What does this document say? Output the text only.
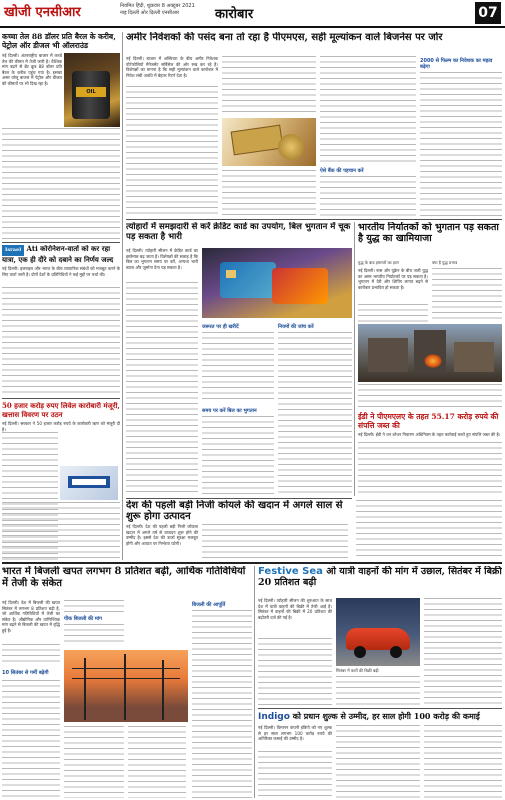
खोजी एनसीआर	नियमित हिंदी, शुक्रवार 8 अक्टूबर 2021
नाइ़ दिल्ली ओर दिल्ली एनसीआर	कारोबार	07
कच्चा तेल 88 डॉलर प्रति बैरल के करीब, पेट्रोल ऑर डीजल भी ऑलराउंड
OIL
नई दिल्ली। अंतरराष्ट्रीय बाजार में कच्चे तेल की कीमत में तेजी जारी है। वैश्विक मांग बढ़ने से ब्रेंट क्रूड 88 डॉलर प्रति बैरल के करीब पहुंच गया है। इसका असर घरेलू बाजार में पेट्रोल और डीजल की कीमतों पर भी दिख रहा है।
Israel Ati कोरोनेशन-वार्ता को कर रहा यात्रा, एक ही दौरे को दबाने का निर्णय जल्द
नई दिल्ली। इजराइल और भारत के बीच व्यापारिक संबंधों को मजबूत करने के लिए वार्ता जारी है। दोनों देशों के प्रतिनिधियों ने कई मुद्दों पर चर्चा की।
50 हजार करोड़ रुपए लिवेल कारोबारी मंजूरी, खत्तास विवरण पर उठन
नई दिल्ली। सरकार ने 50 हजार करोड़ रुपये के कारोबारी ऋण को मंजूरी दी है।
अमीर निवेशकों की पसंद बना तो रहा है पीएमएस, सही मूल्यांकन वाले बिजनेस पर जोर
नई दिल्ली। बाजार में अस्थिरता के बीच अमीर निवेशक पोर्टफोलियो मैनेजमेंट सर्विसेज की ओर रुख कर रहे हैं। विशेषज्ञों का मानना है कि सही मूल्यांकन वाले कारोबार में निवेश लंबी अवधि में बेहतर रिटर्न देता है।
ऐसे बैंक की पहचान करें
2000 से फिल्म का निवेशक का महत्व बढ़ेगा
त्योहारों में समझदारी से करें क्रेडिट कार्ड का उपयोग, बिल भुगतान में चूक पड़ सकता है भारी
नई दिल्ली। त्योहारी सीजन में क्रेडिट कार्ड का इस्तेमाल बढ़ जाता है। विशेषज्ञों की सलाह है कि बिल का भुगतान समय पर करें, अन्यथा भारी ब्याज और जुर्माना देना पड़ सकता है।
जरूरत पर ही खरीदें
समय पर करें बिल का भुगतान
नियमों की जांच करें
भारतीय निर्यातकों को भुगतान पड़ सकता है युद्ध का खामियाजा
युद्ध के बाद इमारतों का हाल	क्या है युद्ध प्रभाव
नई दिल्ली। रूस और यूक्रेन के बीच जारी युद्ध का असर भारतीय निर्यातकों पर पड़ सकता है। भुगतान में देरी और शिपिंग लागत बढ़ने से कारोबार प्रभावित हो सकता है।
ईडी ने पीएमएलए के तहत 55.17 करोड़ रुपये की संपत्ति जब्त की
नई दिल्ली। ईडी ने धन शोधन निवारण अधिनियम के तहत कार्रवाई करते हुए संपत्ति जब्त की है।
देश की पहली बड़ी निजी कोयले की खदान में अगले साल से शुरू होगा उत्पादन
नई दिल्ली। देश की पहली बड़ी निजी कोयला खदान में अगले वर्ष से उत्पादन शुरू होने की उम्मीद है। इससे देश की ऊर्जा सुरक्षा मजबूत होगी और आयात पर निर्भरता घटेगी।
भारत में बिजली खपत लगभग 8 प्रतिशत बढ़ी, आर्थिक गतिविधियों में तेजी के संकेत
नई दिल्ली। देश में बिजली की खपत सितंबर में लगभग 8 प्रतिशत बढ़ी है, जो आर्थिक गतिविधियों में तेजी का संकेत है। औद्योगिक और वाणिज्यिक मांग बढ़ने से बिजली की खपत में वृद्धि हुई है।
10 सितंबर से गर्मी बढ़ेगी
पीक बिजली की मांग
बिजली की आपूर्ति
Festive Sea ओ यात्री वाहनों की मांग में उछाल, सितंबर में बिक्री 20 प्रतिशत बढ़ी
नई दिल्ली। त्योहारी सीजन की शुरुआत के साथ देश में यात्री वाहनों की बिक्री में तेजी आई है। सितंबर में वाहनों की बिक्री में 20 प्रतिशत की बढ़ोतरी दर्ज की गई है।
सितंबर में कारों की बिक्री बढ़ी
Indigo को प्रधान शुल्क से उम्मीद, हर साल होगी 100 करोड़ की कमाई
नई दिल्ली। विमानन कंपनी इंडिगो को नए शुल्क से हर साल लगभग 100 करोड़ रुपये की अतिरिक्त कमाई की उम्मीद है।
